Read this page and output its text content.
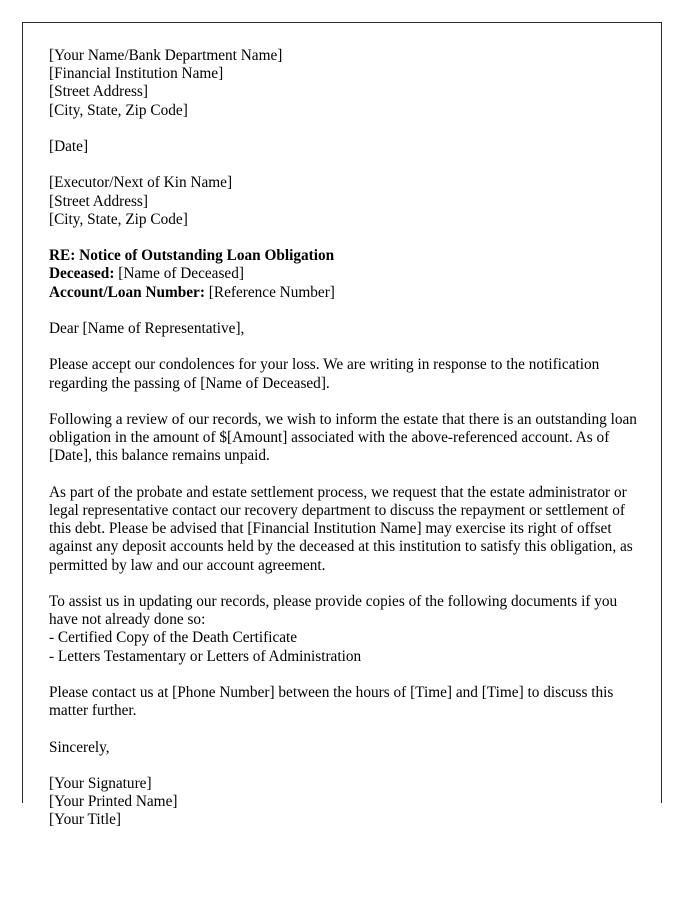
[Your Name/Bank Department Name]
[Financial Institution Name]
[Street Address]
[City, State, Zip Code]
[Date]
[Executor/Next of Kin Name]
[Street Address]
[City, State, Zip Code]
RE: Notice of Outstanding Loan Obligation
Deceased: [Name of Deceased]
Account/Loan Number: [Reference Number]
Dear [Name of Representative],
Please accept our condolences for your loss. We are writing in response to the notification regarding the passing of [Name of Deceased].
Following a review of our records, we wish to inform the estate that there is an outstanding loan obligation in the amount of $[Amount] associated with the above-referenced account. As of [Date], this balance remains unpaid.
As part of the probate and estate settlement process, we request that the estate administrator or legal representative contact our recovery department to discuss the repayment or settlement of this debt. Please be advised that [Financial Institution Name] may exercise its right of offset against any deposit accounts held by the deceased at this institution to satisfy this obligation, as permitted by law and our account agreement.
To assist us in updating our records, please provide copies of the following documents if you have not already done so:
- Certified Copy of the Death Certificate
- Letters Testamentary or Letters of Administration
Please contact us at [Phone Number] between the hours of [Time] and [Time] to discuss this matter further.
Sincerely,
[Your Signature]
[Your Printed Name]
[Your Title]
